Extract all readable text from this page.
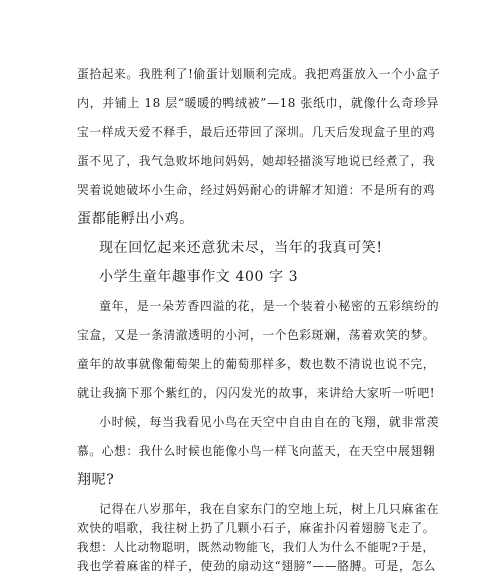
蛋拾起来。我胜利了!偷蛋计划顺利完成。我把鸡蛋放入一个小盒子
内，并铺上 18 层“暖暖的鸭绒被”—18 张纸巾，就像什么奇珍异
宝一样成天爱不释手，最后还带回了深圳。几天后发现盒子里的鸡
蛋不见了，我气急败坏地问妈妈，她却轻描淡写地说已经煮了，我
哭着说她破坏小生命，经过妈妈耐心的讲解才知道：不是所有的鸡
蛋都能孵出小鸡。
现在回忆起来还意犹未尽，当年的我真可笑!
小学生童年趣事作文 400 字 3
童年，是一朵芳香四溢的花，是一个装着小秘密的五彩缤纷的
宝盒，又是一条清澈透明的小河，一个色彩斑斓，荡着欢笑的梦。
童年的故事就像葡萄架上的葡萄那样多，数也数不清说也说不完，
就让我摘下那个紫红的，闪闪发光的故事，来讲给大家听一听吧!
小时候，每当我看见小鸟在天空中自由自在的飞翔，就非常羡
慕。心想：我什么时候也能像小鸟一样飞向蓝天，在天空中展翅翱
翔呢?
记得在八岁那年，我在自家东门的空地上玩，树上几只麻雀在
欢快的唱歌，我往树上扔了几颗小石子，麻雀扑闪着翅膀飞走了。
我想：人比动物聪明，既然动物能飞，我们人为什么不能呢?于是，
我也学着麻雀的样子，使劲的扇动这“翅膀”——胳膊。可是，怎么
